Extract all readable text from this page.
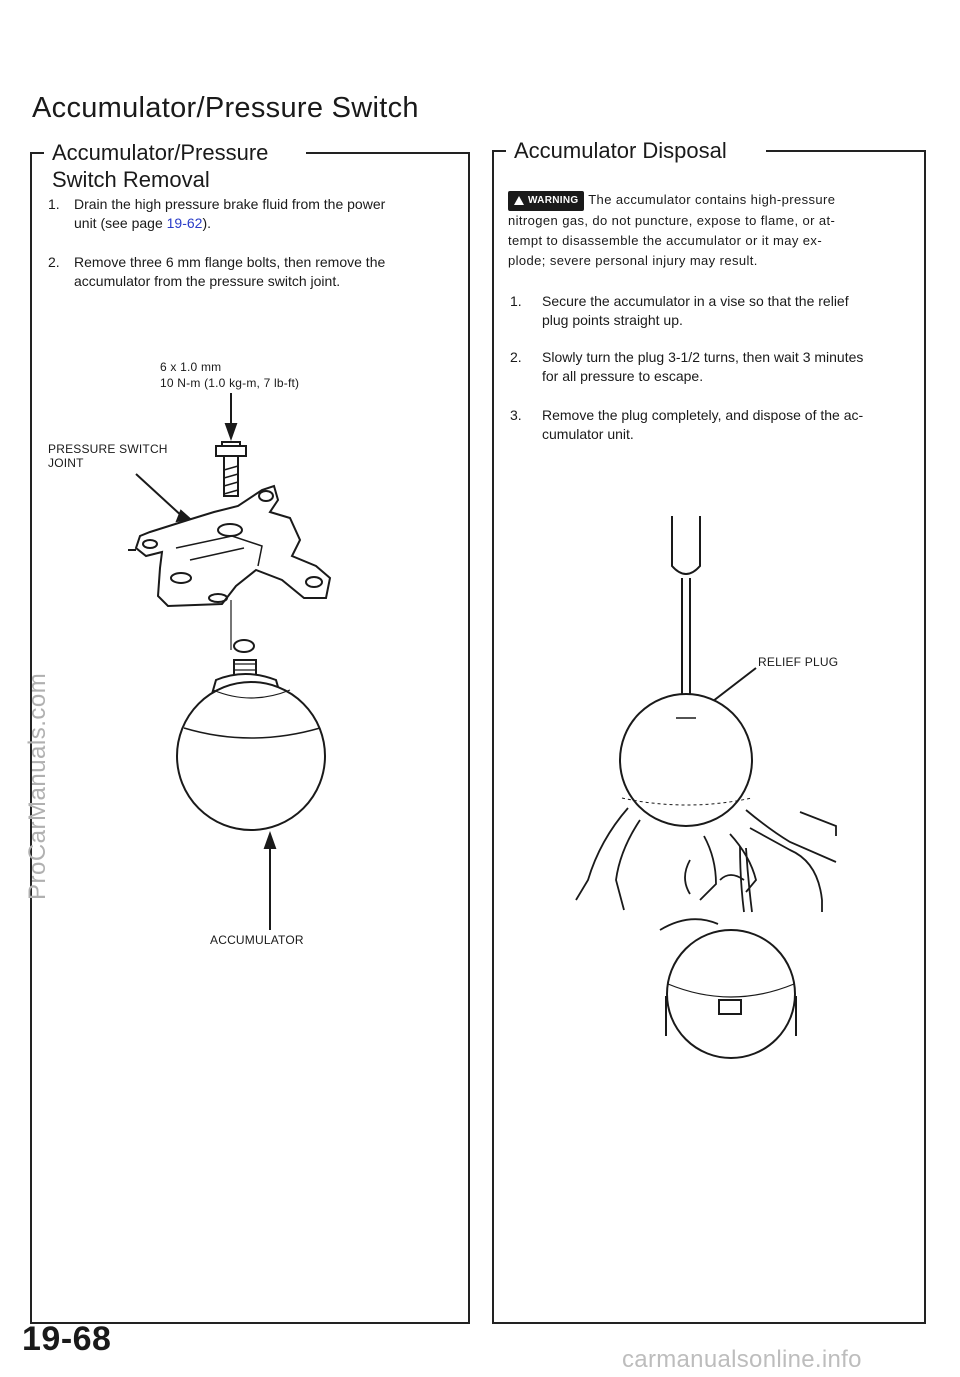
Accumulator/Pressure Switch
Accumulator/Pressure
Switch Removal
1. Drain the high pressure brake fluid from the power
unit (see page 19-62).
2. Remove three 6 mm flange bolts, then remove the
accumulator from the pressure switch joint.
6 x 1.0 mm
10 N-m (1.0 kg-m, 7 lb-ft)
PRESSURE SWITCH
JOINT
ACCUMULATOR
Accumulator Disposal
WARNING The accumulator contains high-pressure
nitrogen gas, do not puncture, expose to flame, or at-
tempt to disassemble the accumulator or it may ex-
plode; severe personal injury may result.
1. Secure the accumulator in a vise so that the relief
plug points straight up.
2. Slowly turn the plug 3-1/2 turns, then wait 3 minutes
for all pressure to escape.
3. Remove the plug completely, and dispose of the ac-
cumulator unit.
RELIEF PLUG
ProCarManuals.com
19-68
carmanualsonline.info
